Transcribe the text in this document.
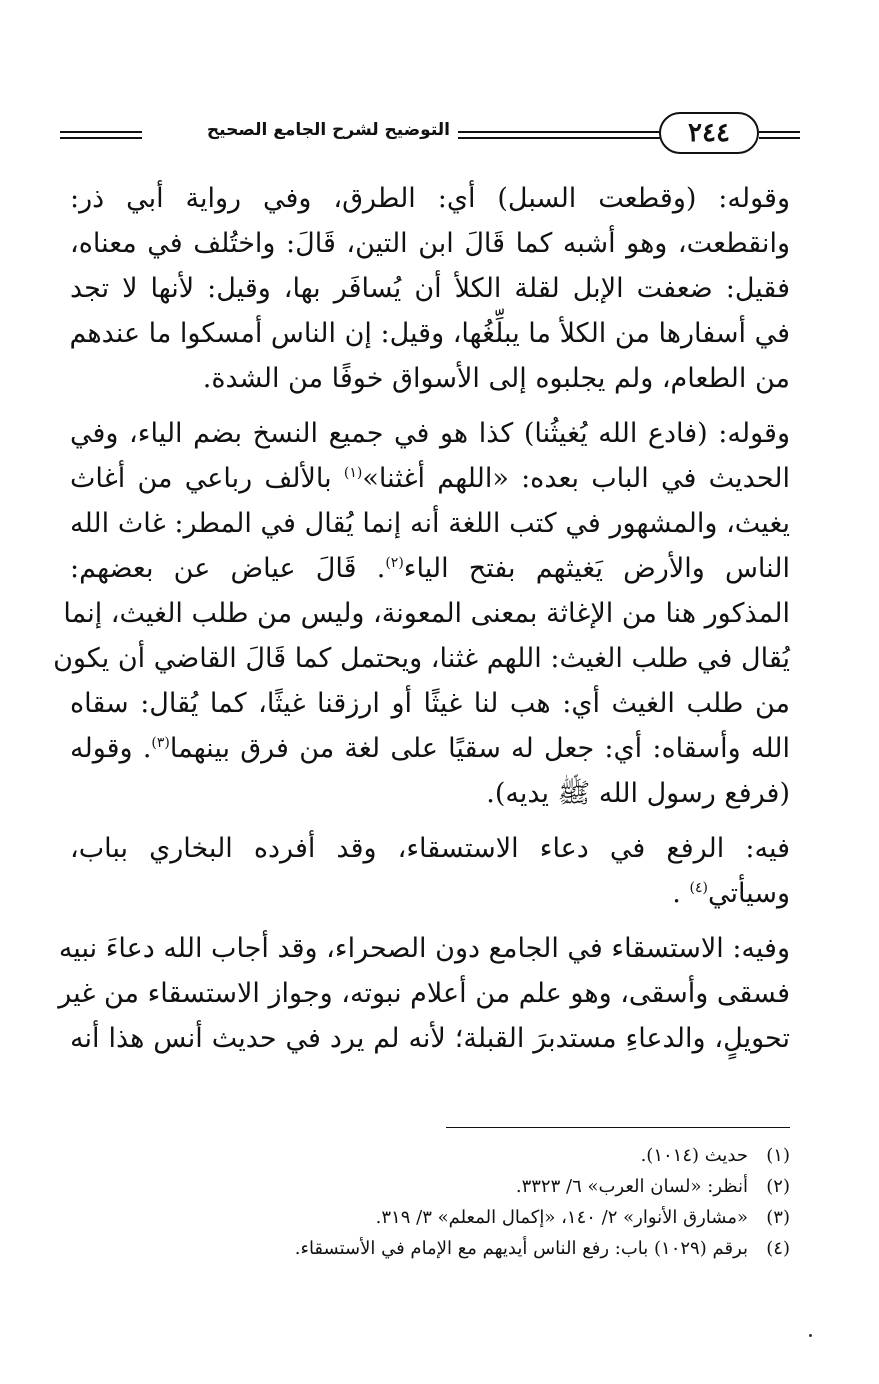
التوضيح لشرح الجامع الصحيح	٢٤٤

وقوله: (وقطعت السبل) أي: الطرق، وفي رواية أبي ذر:
وانقطعت، وهو أشبه كما قَالَ ابن التين، قَالَ: واختُلف في معناه،
فقيل: ضعفت الإبل لقلة الكلأ أن يُسافَر بها، وقيل: لأنها لا تجد
في أسفارها من الكلأ ما يبلِّغُها، وقيل: إن الناس أمسكوا ما عندهم
من الطعام، ولم يجلبوه إلى الأسواق خوفًا من الشدة.

وقوله: (فادع الله يُغيثُنا) كذا هو في جميع النسخ بضم الياء، وفي
الحديث في الباب بعده: «اللهم أغثنا»$^{(١)}$ بالألف رباعي من أغاث
يغيث، والمشهور في كتب اللغة أنه إنما يُقال في المطر: غاث الله
الناس والأرض يَغيثهم بفتح الياء$^{(٢)}$. قَالَ عياض عن بعضهم:
المذكور هنا من الإغاثة بمعنى المعونة، وليس من طلب الغيث، إنما
يُقال في طلب الغيث: اللهم غثنا، ويحتمل كما قَالَ القاضي أن يكون
من طلب الغيث أي: هب لنا غيثًا أو ارزقنا غيثًا، كما يُقال: سقاه
الله وأسقاه: أي: جعل له سقيًا على لغة من فرق بينهما$^{(٣)}$. وقوله
(فرفع رسول الله ﷺ يديه).

فيه: الرفع في دعاء الاستسقاء، وقد أفرده البخاري بباب،
وسيأتي$^{(٤)}$ .

وفيه: الاستسقاء في الجامع دون الصحراء، وقد أجاب الله دعاءَ نبيه
فسقى وأسقى، وهو علم من أعلام نبوته، وجواز الاستسقاء من غير
تحويلٍ، والدعاءِ مستدبرَ القبلة؛ لأنه لم يرد في حديث أنس هذا أنه

(١)حديث (١٠١٤).
(٢)أنظر: «لسان العرب» ٦/ ٣٣٢٣.
(٣)«مشارق الأنوار» ٢/ ١٤٠، «إكمال المعلم» ٣/ ٣١٩.
(٤)برقم (١٠٢٩) باب: رفع الناس أيديهم مع الإمام في الأستسقاء.
